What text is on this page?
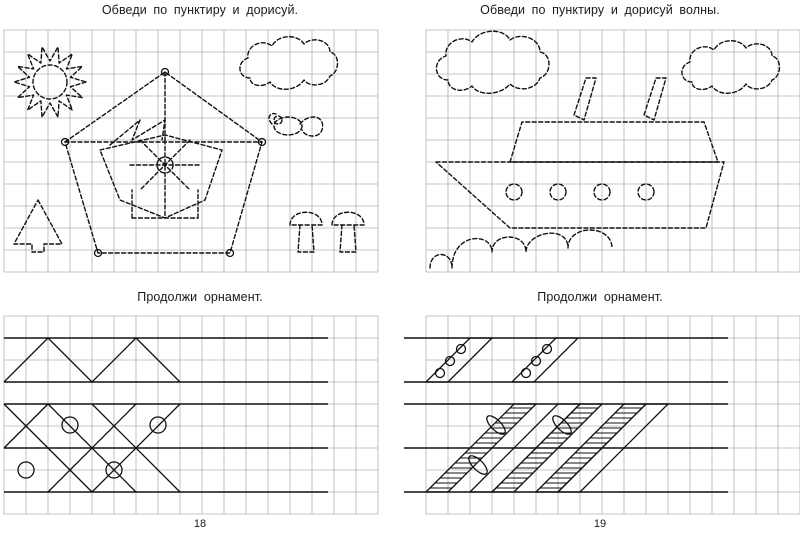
Обведи по пунктиру и дорисуй.
Продолжи орнамент.
18
Обведи по пунктиру и дорисуй волны.
Продолжи орнамент.
19
